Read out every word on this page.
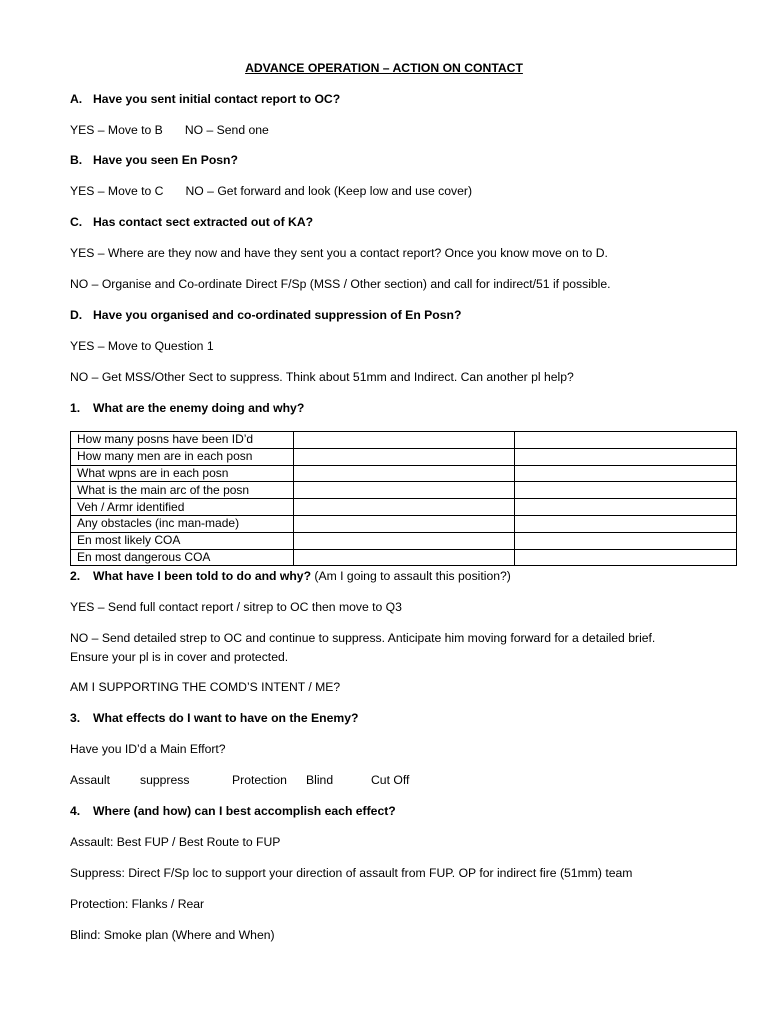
ADVANCE OPERATION – ACTION ON CONTACT
A. Have you sent initial contact report to OC?
YES – Move to B NO – Send one
B. Have you seen En Posn?
YES – Move to C NO – Get forward and look (Keep low and use cover)
C. Has contact sect extracted out of KA?
YES – Where are they now and have they sent you a contact report? Once you know move on to D.
NO – Organise and Co-ordinate Direct F/Sp (MSS / Other section) and call for indirect/51 if possible.
D. Have you organised and co-ordinated suppression of En Posn?
YES – Move to Question 1
NO – Get MSS/Other Sect to suppress. Think about 51mm and Indirect. Can another pl help?
1. What are the enemy doing and why?
How many posns have been ID’d		
How many men are in each posn		
What wpns are in each posn		
What is the main arc of the posn		
Veh / Armr identified		
Any obstacles (inc man-made)		
En most likely COA		
En most dangerous COA		
2. What have I been told to do and why? (Am I going to assault this position?)
YES – Send full contact report / sitrep to OC then move to Q3
NO – Send detailed strep to OC and continue to suppress. Anticipate him moving forward for a detailed brief.
Ensure your pl is in cover and protected.
AM I SUPPORTING THE COMD’S INTENT / ME?
3. What effects do I want to have on the Enemy?
Have you ID’d a Main Effort?
Assault suppress	Protection Blind	Cut Off
4. Where (and how) can I best accomplish each effect?
Assault: Best FUP / Best Route to FUP
Suppress: Direct F/Sp loc to support your direction of assault from FUP. OP for indirect fire (51mm) team
Protection: Flanks / Rear
Blind: Smoke plan (Where and When)
